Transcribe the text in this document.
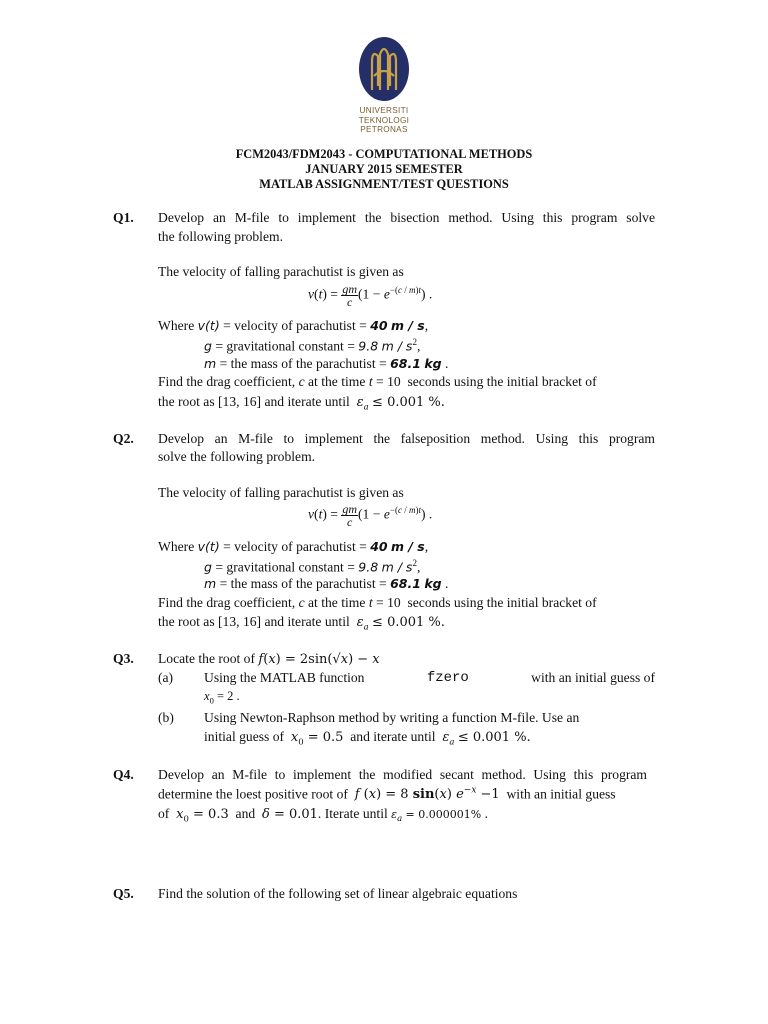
UNIVERSITI
TEKNOLOGI
PETRONAS
FCM2043/FDM2043 - COMPUTATIONAL METHODS
JANUARY 2015 SEMESTER
MATLAB ASSIGNMENT/TEST QUESTIONS
Q1. Develop an M-file to implement the bisection method. Using this program solve
the following problem.
The velocity of falling parachutist is given as
$v(t) = \frac{gm}{c} (1 - e^{-(c / m)t})$ .
Where v(t) = velocity of parachutist = 40 m / s,
g = gravitational constant = 9.8 m / $s^2$,
m = the mass of the parachutist = 68.1 kg .
Find the drag coefficient, c at the time t = 10 seconds using the initial bracket of
the root as [13, 16] and iterate until $\varepsilon_a \le 0.001$ %.
Q2. Develop an M-file to implement the falseposition method. Using this program
solve the following problem.
The velocity of falling parachutist is given as
$v(t) = \frac{gm}{c} (1 - e^{-(c / m)t})$ .
Where v(t) = velocity of parachutist = 40 m / s,
g = gravitational constant = 9.8 m / $s^2$,
m = the mass of the parachutist = 68.1 kg .
Find the drag coefficient, c at the time t = 10 seconds using the initial bracket of
the root as [13, 16] and iterate until $\varepsilon_a \le 0.001$ %.
Q3. Locate the root of f(x) = 2sin(√x) − x
(a) Using the MATLAB function	fzero	with an initial guess of
$x_0 = 2$ .
(b) Using Newton-Raphson method by writing a function M-file. Use an
initial guess of $x_0 = 0.5$ and iterate until $\varepsilon_a \le 0.001$ %.
Q4. Develop an M-file to implement the modified secant method. Using this program
determine the loest positive root of f (x) = 8 sin(x) $e^{-x} -1$ with an initial guess
of $x_0 = 0.3$ and δ = 0.01. Iterate until $\varepsilon_a = 0.000001\%$ .
Q5. Find the solution of the following set of linear algebraic equations
